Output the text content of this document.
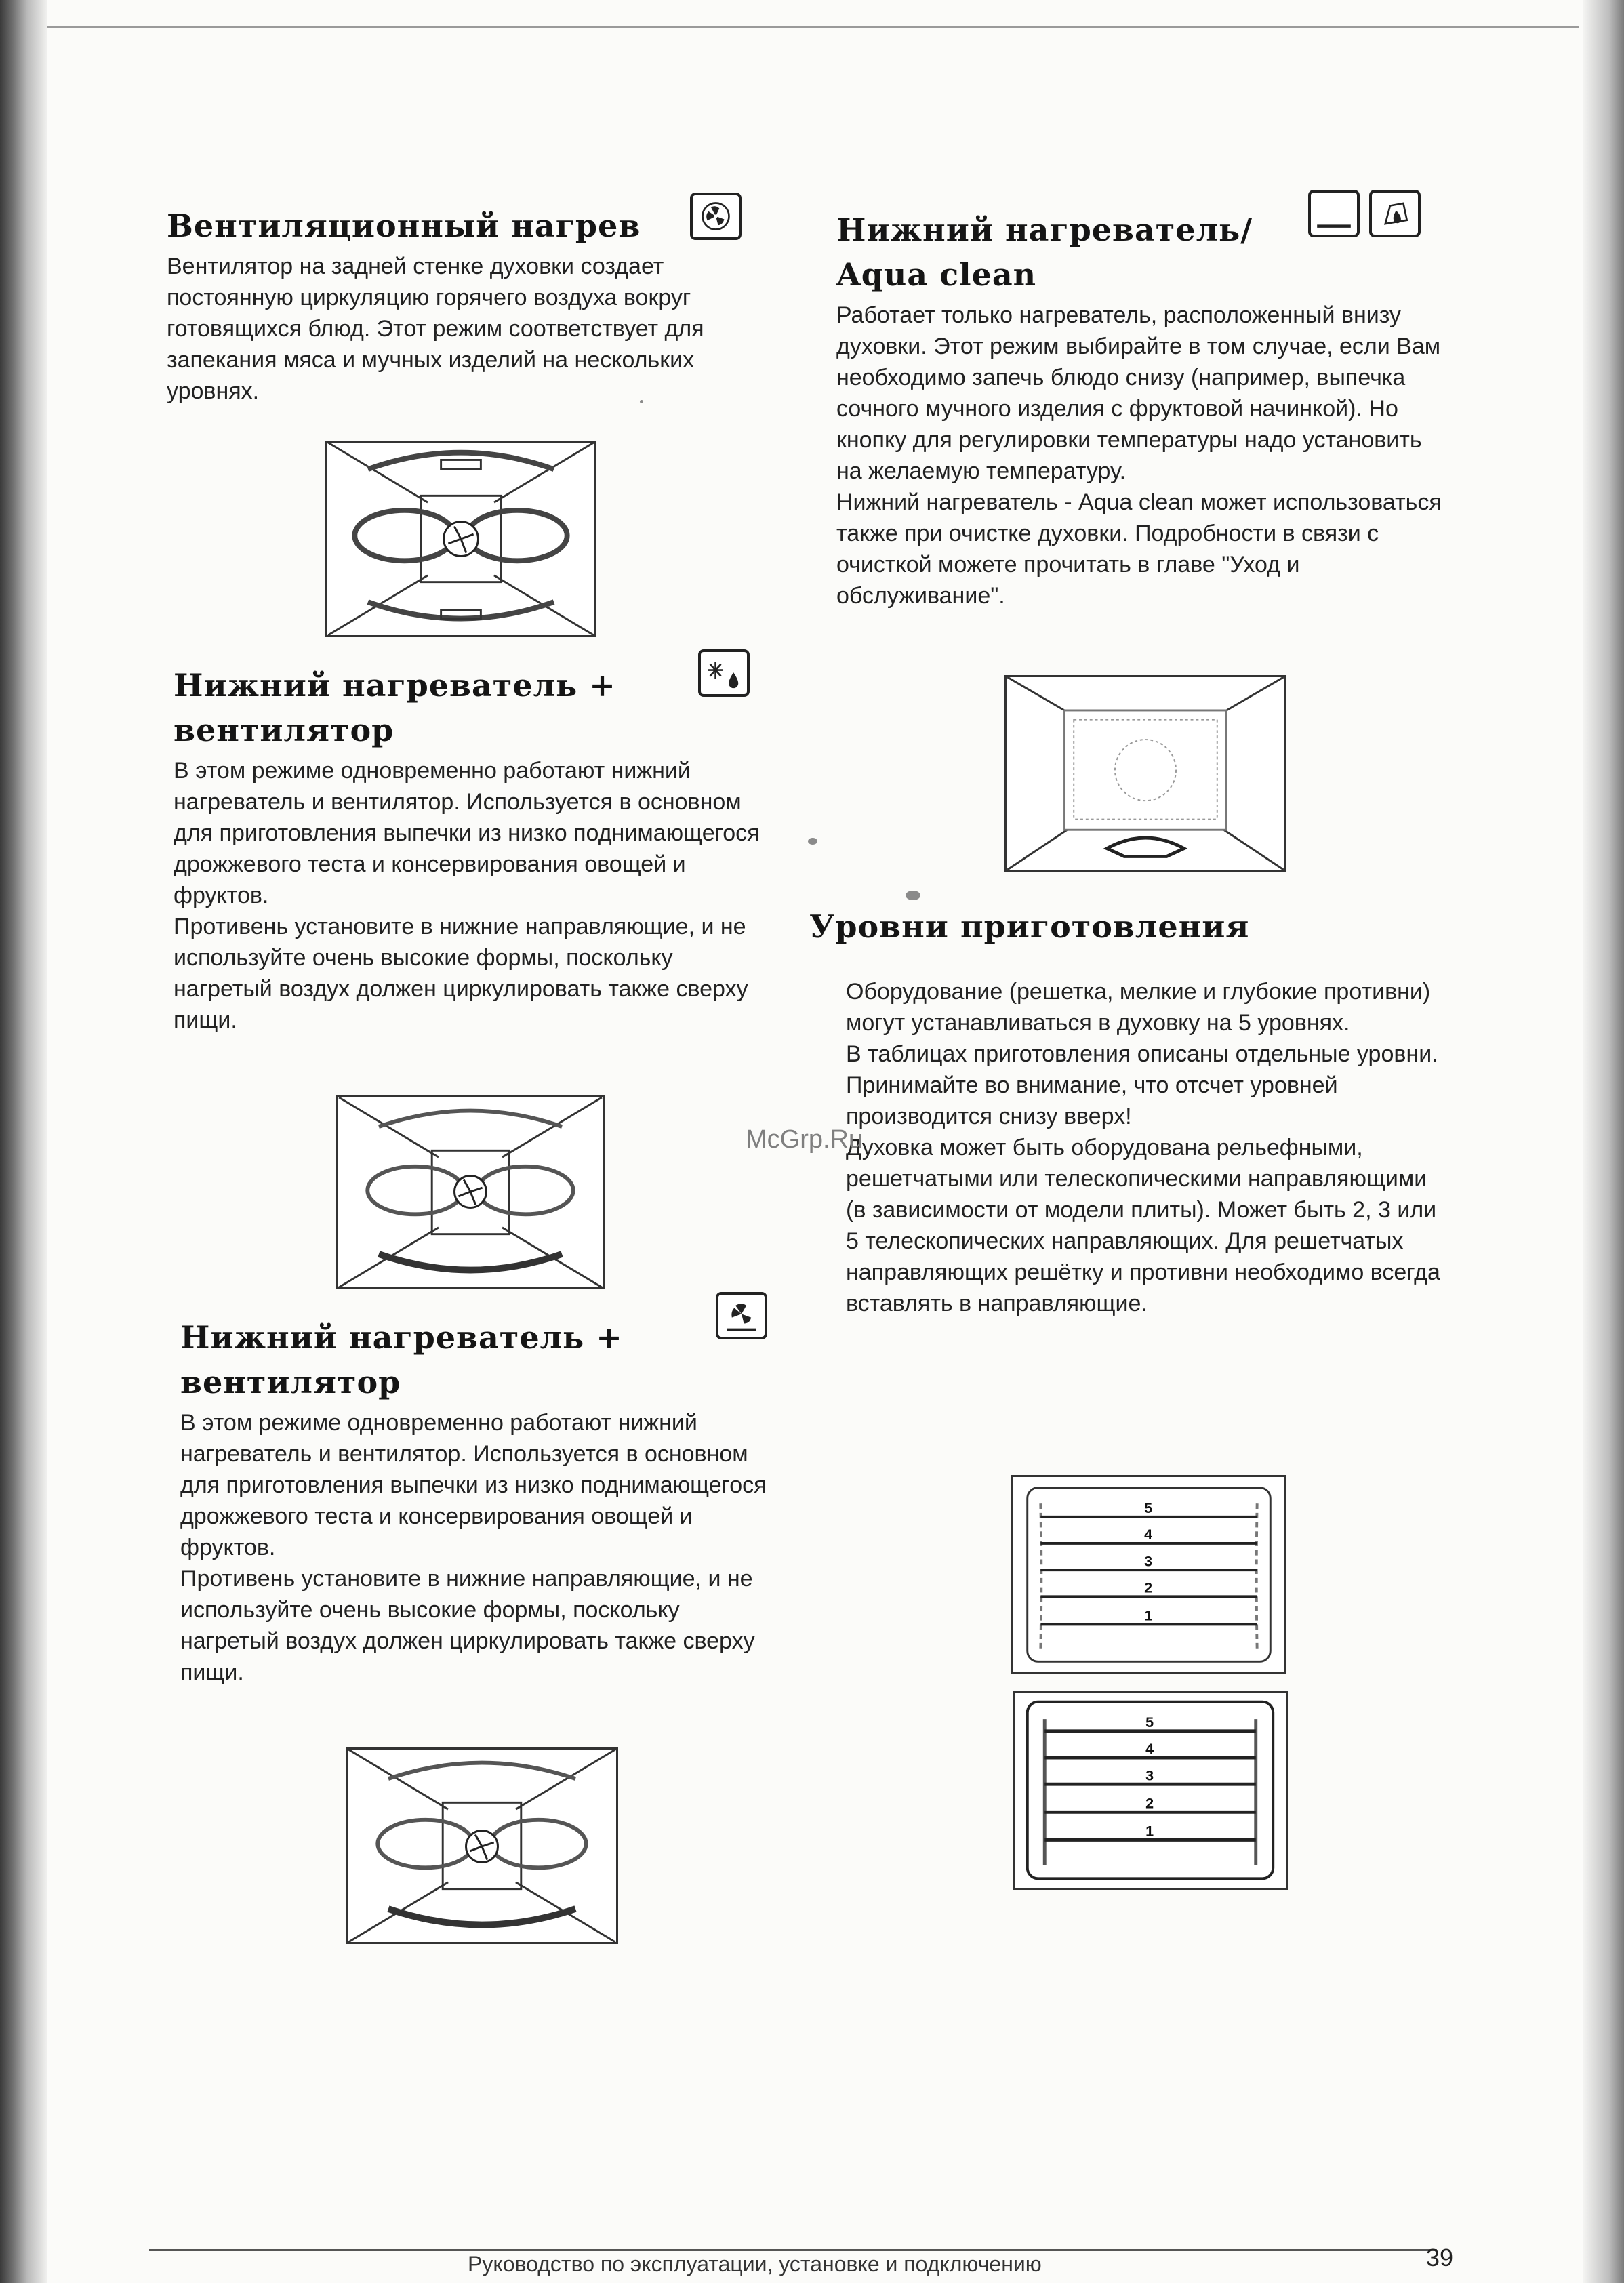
Вентиляционный нагрев

Вентилятор на задней стенке духовки создает постоянную циркуляцию горячего воздуха вокруг готовящихся блюд. Этот режим соответствует для запекания мяса и мучных изделий на нескольких уровнях.

Нижний нагреватель +
вентилятор

В этом режиме одновременно работают нижний нагреватель и вентилятор. Используется в основном для приготовления выпечки из низко поднимающегося дрожжевого теста и консервирования овощей и фруктов.

Противень установите в нижние направляющие, и не используйте очень высокие формы, поскольку нагретый воздух должен циркулировать также сверху пищи.

Нижний нагреватель +
вентилятор

В этом режиме одновременно работают нижний нагреватель и вентилятор. Используется в основном для приготовления выпечки из низко поднимающегося дрожжевого теста и консервирования овощей и фруктов.

Противень установите в нижние направляющие, и не используйте очень высокие формы, поскольку нагретый воздух должен циркулировать также сверху пищи.

Нижний нагреватель/
Aqua clean

Работает только нагреватель, расположенный внизу духовки. Этот режим выбирайте в том случае, если Вам необходимо запечь блюдо снизу (например, выпечка сочного мучного изделия с фруктовой начинкой). Но кнопку для регулировки температуры надо установить на желаемую температуру.

Нижний нагреватель - Aqua clean может использоваться также при очистке духовки. Подробности в связи с очисткой можете прочитать в главе "Уход и обслуживание".

Уровни приготовления

Оборудование (решетка, мелкие и глубокие противни) могут устанавливаться в духовку на 5 уровнях.

В таблицах приготовления описаны отдельные уровни.

Принимайте во внимание, что отсчет уровней производится снизу вверх!

Духовка может быть оборудована рельефными, решетчатыми или телескопическими направляющими (в зависимости от модели плиты). Может быть 2, 3 или 5 телескопических направляющих. Для решетчатых направляющих решётку и противни необходимо всегда вставлять в направляющие.

McGrp.Ru
5
4
3
2
1
5
4
3
2
1
Руководство по эксплуатации, установке и подключению	39
